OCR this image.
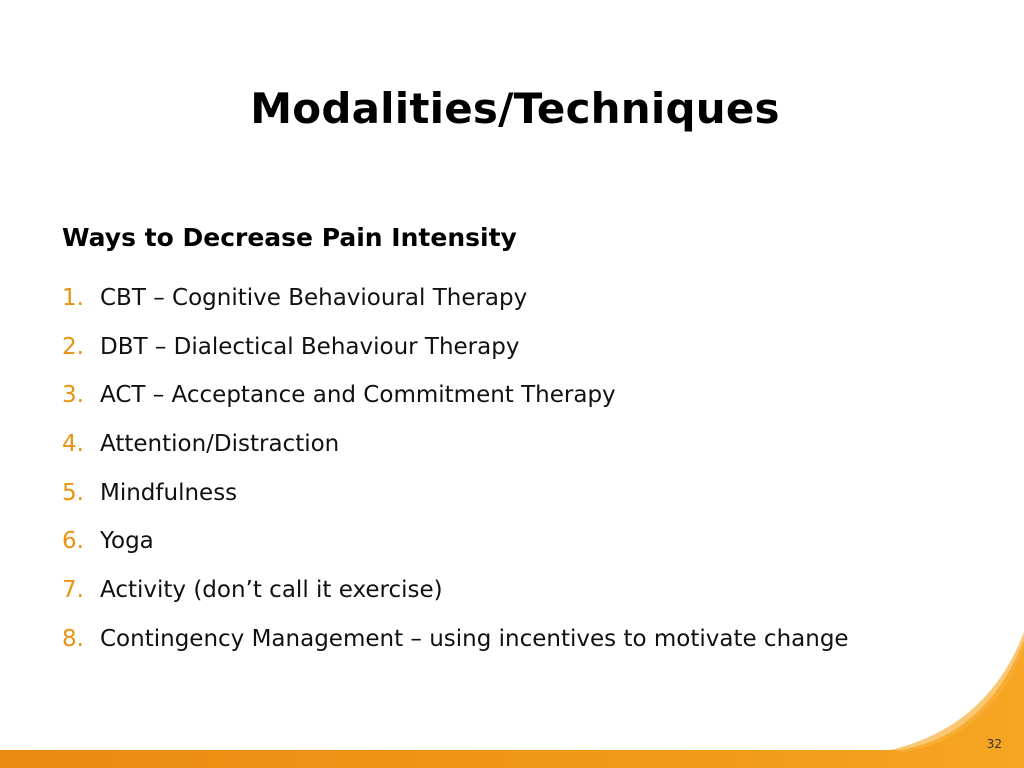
Modalities/Techniques
Ways to Decrease Pain Intensity
1. CBT – Cognitive Behavioural Therapy
2. DBT – Dialectical Behaviour Therapy
3. ACT – Acceptance and Commitment Therapy
4. Attention/Distraction
5. Mindfulness
6. Yoga
7. Activity (don’t call it exercise)
8. Contingency Management – using incentives to motivate change
32
